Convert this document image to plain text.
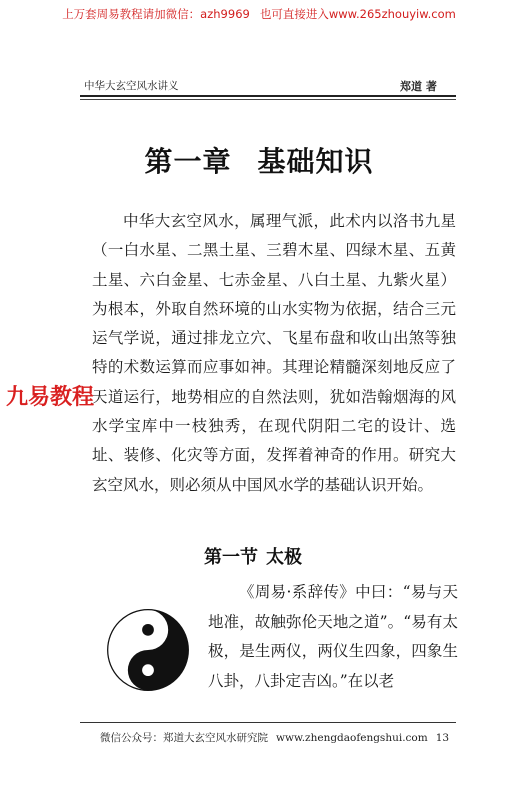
上万套周易教程请加微信：azh9969 也可直接进入www.265zhouyiw.com
中华大玄空风水讲义	郑道 著
第一章 基础知识
中华大玄空风水，属理气派，此术内以洛书九星（一白水星、二黑土星、三碧木星、四绿木星、五黄土星、六白金星、七赤金星、八白土星、九紫火星）为根本，外取自然环境的山水实物为依据，结合三元运气学说，通过排龙立穴、飞星布盘和收山出煞等独特的术数运算而应事如神。其理论精髓深刻地反应了天道运行，地势相应的自然法则，犹如浩翰烟海的风水学宝库中一枝独秀，在现代阴阳二宅的设计、选址、装修、化灾等方面，发挥着神奇的作用。研究大玄空风水，则必须从中国风水学的基础认识开始。
九易教程
第一节 太极
《周易·系辞传》中曰：“易与天地准，故触弥伦天地之道”。“易有太极，是生两仪，两仪生四象，四象生八卦，八卦定吉凶。”在以老
微信公众号：郑道大玄空风水研究院 www.zhengdaofengshui.com 13
